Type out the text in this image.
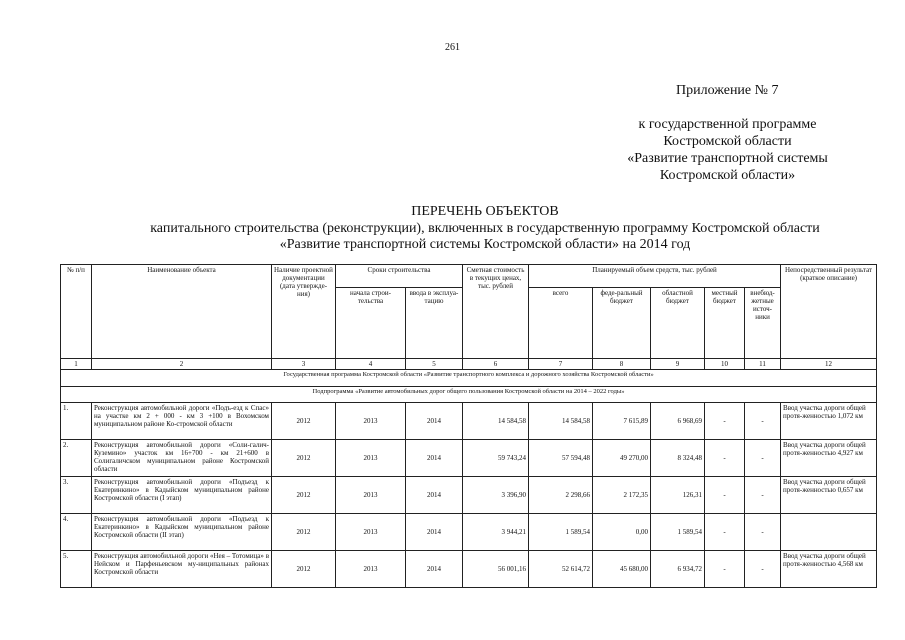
261
Приложение № 7
к государственной программе
Костромской области
«Развитие транспортной системы
Костромской области»
ПЕРЕЧЕНЬ ОБЪЕКТОВ
капитального строительства (реконструкции), включенных в государственную программу Костромской области
«Развитие транспортной системы Костромской области» на 2014 год
№ п/п	Наименование объекта	Наличие проектной документации (дата утвержде-ния)	Сроки строительства		Сметная стоимость в текущих ценах, тыс. рублей	Планируемый объем средств, тыс. рублей					Непосредственный результат (краткое описание)
			начала строи-тельства	ввода в эксплуа-тацию		всего	феде-ральный бюджет	областной бюджет	местный бюджет	внебюд-жетные источ-ники	
1	2	3	4	5	6	7	8	9	10	11	12
Государственная программа Костромской области «Развитие транспортного комплекса и дорожного хозяйства Костромской области»											
Подпрограмма «Развитие автомобильных дорог общего пользования Костромской области на 2014 – 2022 годы»											
1.	Реконструкция автомобильной дороги «Подъ-езд к Спас» на участке км 2 + 000 - км 3 +100 в Вохомском муниципальном районе Ко-стромской области	2012	2013	2014	14 584,58	14 584,58	7 615,89	6 968,69	-	-	Ввод участка дороги общей протя-женностью 1,072 км
2.	Реконструкция автомобильной дороги «Соли-галич-Куземино» участок км 16+700 - км 21+600 в Солигаличском муниципальном районе Костромской области	2012	2013	2014	59 743,24	57 594,48	49 270,00	8 324,48	-	-	Ввод участка дороги общей протя-женностью 4,927 км
3.	Реконструкция автомобильной дороги «Подъезд к Екатеринкино» в Кадыйском муниципальном районе Костромской области (I этап)	2012	2013	2014	3 396,90	2 298,66	2 172,35	126,31	-	-	Ввод участка дороги общей протя-женностью 0,657 км
4.	Реконструкция автомобильной дороги «Подъезд к Екатеринкино» в Кадыйском муниципальном районе Костромской области (II этап)	2012	2013	2014	3 944,21	1 589,54	0,00	1 589,54	-	-	
5.	Реконструкция автомобильной дороги «Нея – Тотомица» в Нейском и Парфеньевском му-ниципальных районах Костромской области	2012	2013	2014	56 001,16	52 614,72	45 680,00	6 934,72	-	-	Ввод участка дороги общей протя-женностью 4,568 км
